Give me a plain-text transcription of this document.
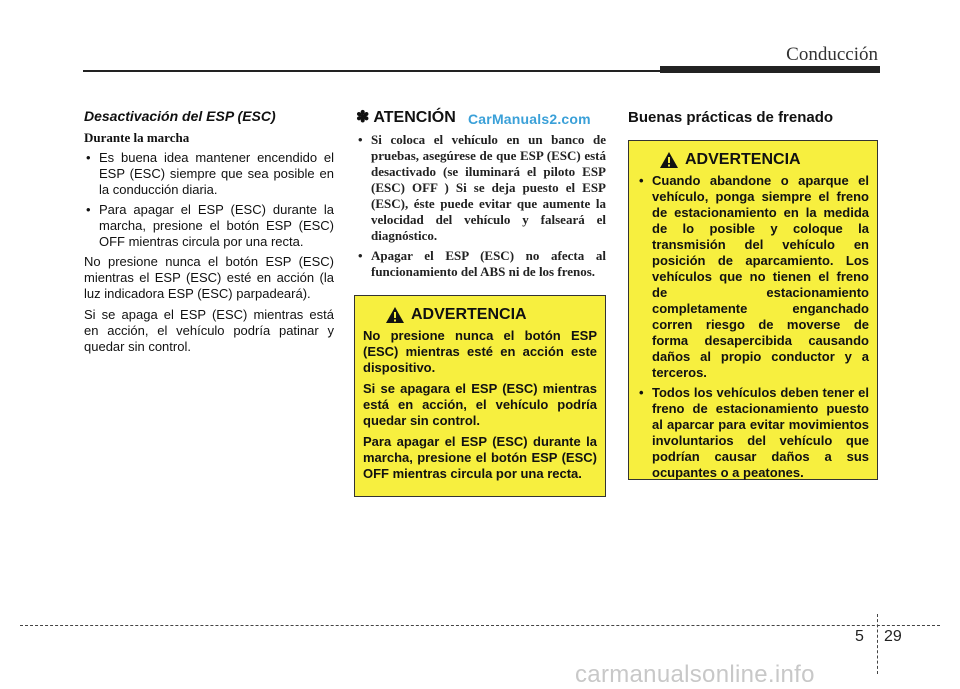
Conducción
Desactivación del ESP (ESC)
Durante la marcha
• Es buena idea mantener encendido el ESP (ESC) siempre que sea posible en la conducción diaria.
• Para apagar el ESP (ESC) durante la marcha, presione el botón ESP (ESC) OFF mientras circula por una recta.
No presione nunca el botón ESP (ESC) mientras el ESP (ESC) esté en acción (la luz indicadora ESP (ESC) parpadeará).
Si se apaga el ESP (ESC) mientras está en acción, el vehículo podría patinar y quedar sin control.
✽ ATENCIÓN
• Si coloca el vehículo en un banco de pruebas, asegúrese de que ESP (ESC) está desactivado (se iluminará el piloto ESP (ESC) OFF ) Si se deja puesto el ESP (ESC), éste puede evitar que aumente la velocidad del vehículo y falseará el diagnóstico.
• Apagar el ESP (ESC) no afecta al funcionamiento del ABS ni de los frenos.
CarManuals2.com
ADVERTENCIA
No presione nunca el botón ESP (ESC) mientras esté en acción este dispositivo.
Si se apagara el ESP (ESC) mientras está en acción, el vehículo podría quedar sin control.
Para apagar el ESP (ESC) durante la marcha, presione el botón ESP (ESC) OFF mientras circula por una recta.
Buenas prácticas de frenado
ADVERTENCIA
• Cuando abandone o aparque el vehículo, ponga siempre el freno de estacionamiento en la medida de lo posible y coloque la transmisión del vehículo en posición de aparcamiento. Los vehículos que no tienen el freno de estacionamiento completamente enganchado corren riesgo de moverse de forma desapercibida causando daños al propio conductor y a terceros.
• Todos los vehículos deben tener el freno de estacionamiento puesto al aparcar para evitar movimientos involuntarios del vehículo que podrían causar daños a sus ocupantes o a peatones.
5 29
carmanualsonline.info
